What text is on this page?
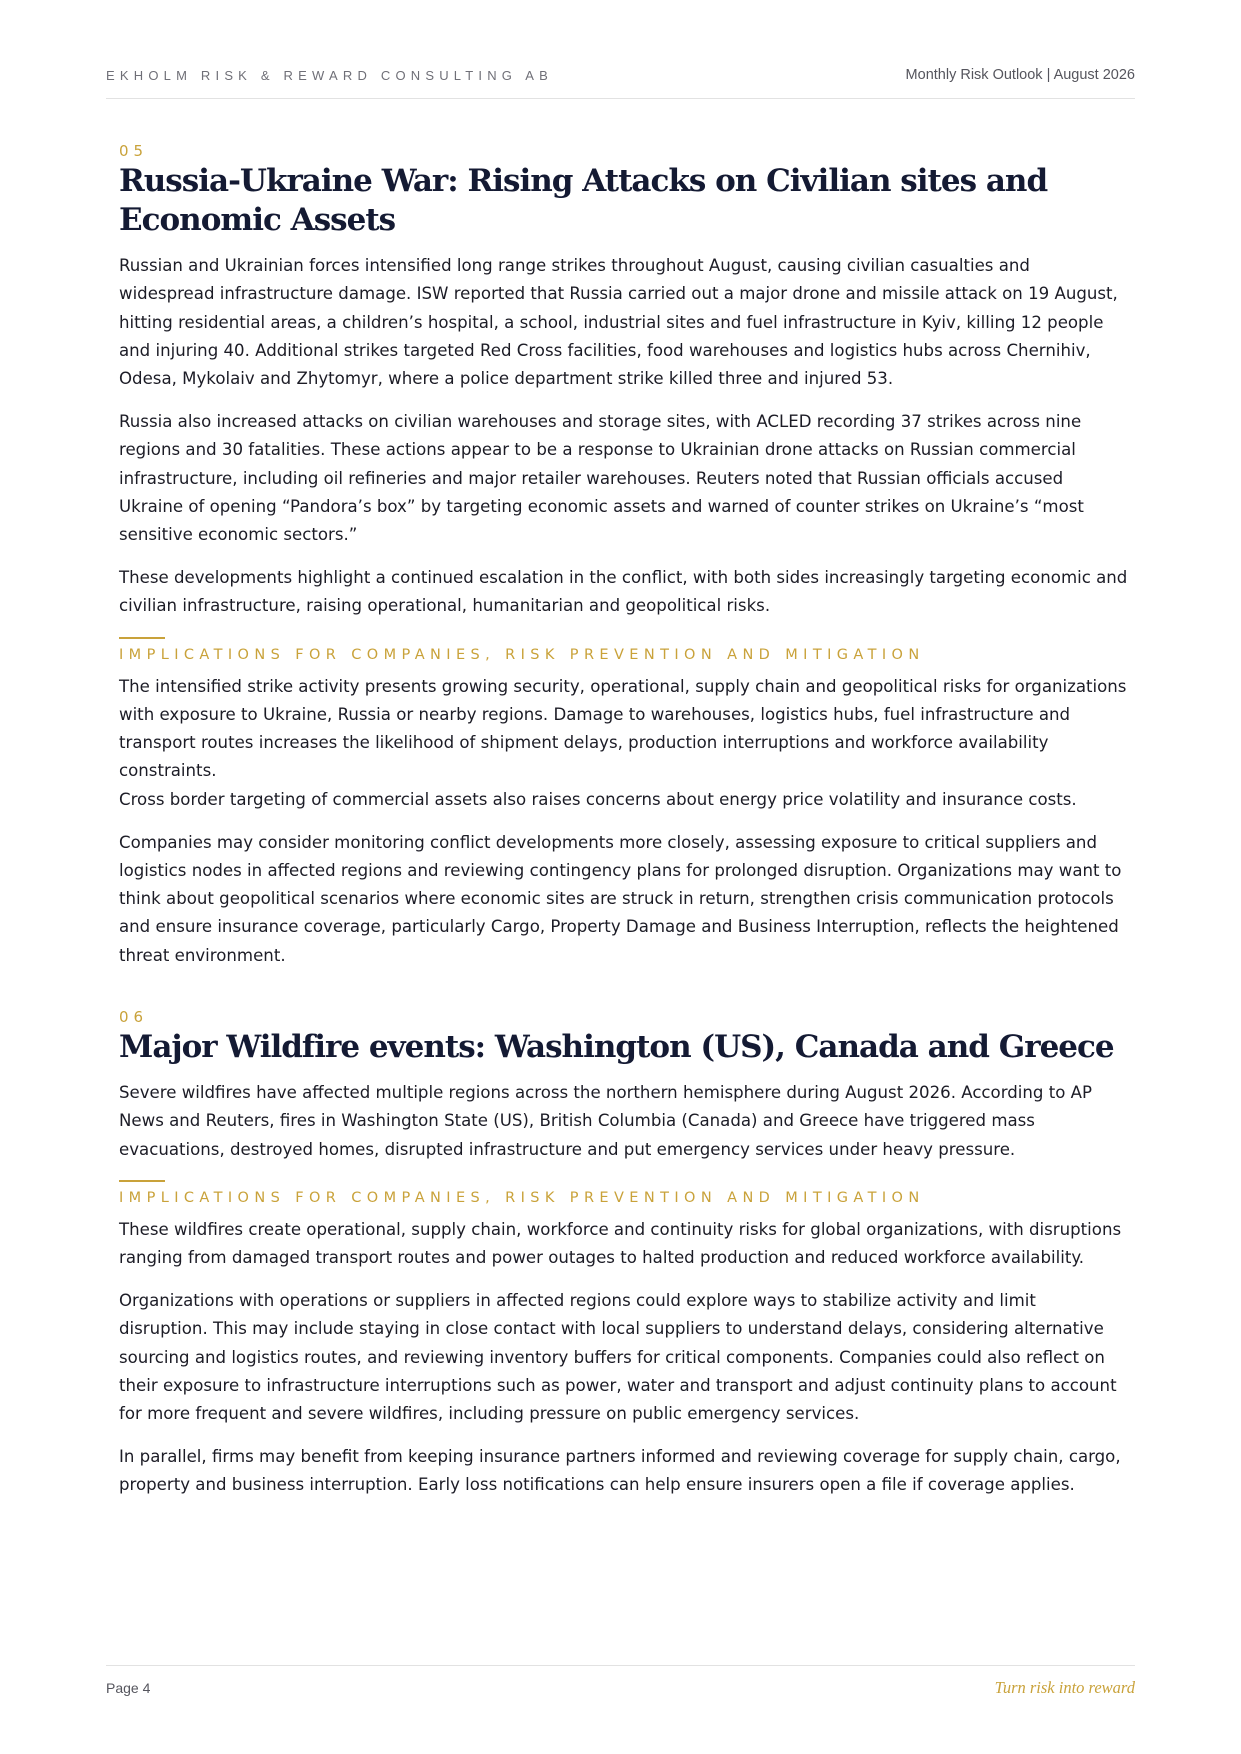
EKHOLM RISK & REWARD CONSULTING AB	Monthly Risk Outlook | August 2026
05
Russia-Ukraine War: Rising Attacks on Civilian sites and Economic Assets

Russian and Ukrainian forces intensified long range strikes throughout August, causing civilian casualties and widespread infrastructure damage. ISW reported that Russia carried out a major drone and missile attack on 19 August, hitting residential areas, a children’s hospital, a school, industrial sites and fuel infrastructure in Kyiv, killing 12 people and injuring 40. Additional strikes targeted Red Cross facilities, food warehouses and logistics hubs across Chernihiv, Odesa, Mykolaiv and Zhytomyr, where a police department strike killed three and injured 53.

Russia also increased attacks on civilian warehouses and storage sites, with ACLED recording 37 strikes across nine regions and 30 fatalities. These actions appear to be a response to Ukrainian drone attacks on Russian commercial infrastructure, including oil refineries and major retailer warehouses. Reuters noted that Russian officials accused Ukraine of opening “Pandora’s box” by targeting economic assets and warned of counter strikes on Ukraine’s “most sensitive economic sectors.”

These developments highlight a continued escalation in the conflict, with both sides increasingly targeting economic and civilian infrastructure, raising operational, humanitarian and geopolitical risks.

IMPLICATIONS FOR COMPANIES, RISK PREVENTION AND MITIGATION

The intensified strike activity presents growing security, operational, supply chain and geopolitical risks for organizations with exposure to Ukraine, Russia or nearby regions. Damage to warehouses, logistics hubs, fuel infrastructure and transport routes increases the likelihood of shipment delays, production interruptions and workforce availability constraints.

Cross border targeting of commercial assets also raises concerns about energy price volatility and insurance costs.

Companies may consider monitoring conflict developments more closely, assessing exposure to critical suppliers and logistics nodes in affected regions and reviewing contingency plans for prolonged disruption. Organizations may want to think about geopolitical scenarios where economic sites are struck in return, strengthen crisis communication protocols and ensure insurance coverage, particularly Cargo, Property Damage and Business Interruption, reflects the heightened threat environment.

06
Major Wildfire events: Washington (US), Canada and Greece

Severe wildfires have affected multiple regions across the northern hemisphere during August 2026. According to AP News and Reuters, fires in Washington State (US), British Columbia (Canada) and Greece have triggered mass evacuations, destroyed homes, disrupted infrastructure and put emergency services under heavy pressure.

IMPLICATIONS FOR COMPANIES, RISK PREVENTION AND MITIGATION

These wildfires create operational, supply chain, workforce and continuity risks for global organizations, with disruptions ranging from damaged transport routes and power outages to halted production and reduced workforce availability.

Organizations with operations or suppliers in affected regions could explore ways to stabilize activity and limit disruption. This may include staying in close contact with local suppliers to understand delays, considering alternative sourcing and logistics routes, and reviewing inventory buffers for critical components. Companies could also reflect on their exposure to infrastructure interruptions such as power, water and transport and adjust continuity plans to account for more frequent and severe wildfires, including pressure on public emergency services.

In parallel, firms may benefit from keeping insurance partners informed and reviewing coverage for supply chain, cargo, property and business interruption. Early loss notifications can help ensure insurers open a file if coverage applies.

Page 4	Turn risk into reward
